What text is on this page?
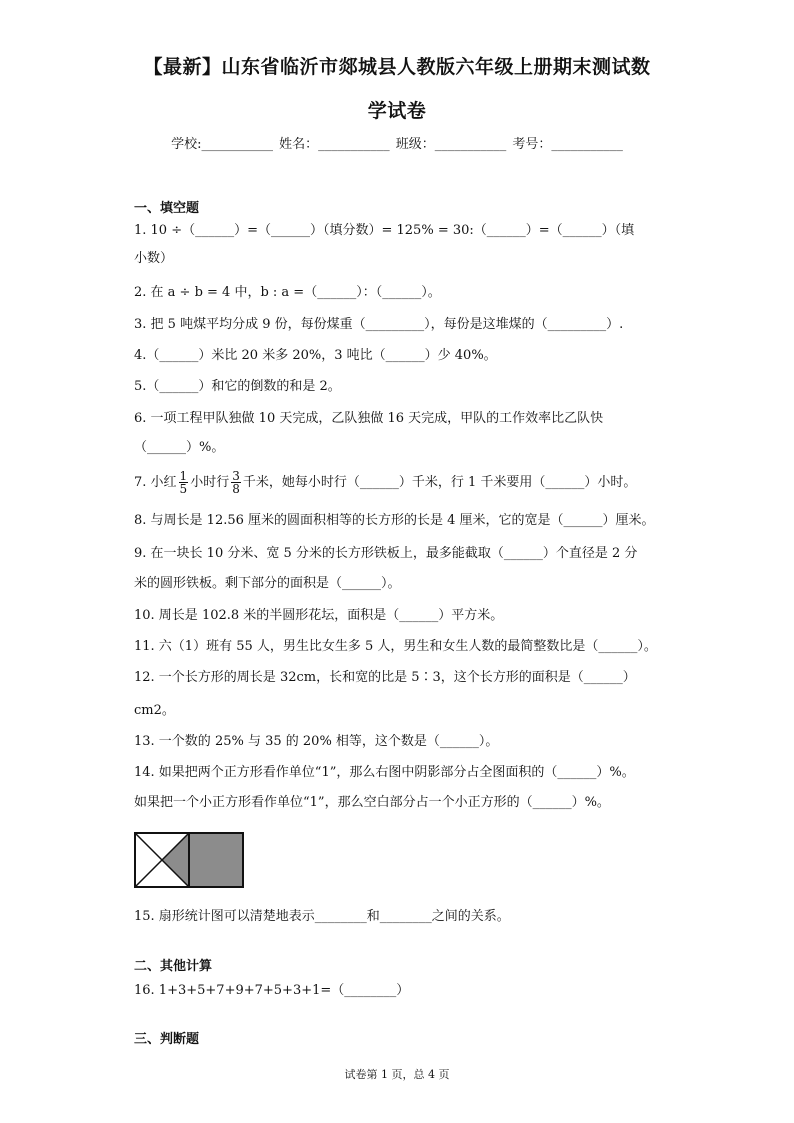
【最新】山东省临沂市郯城县人教版六年级上册期末测试数
学试卷
学校:___________ 姓名：___________ 班级：___________ 考号：___________
一、填空题
1. 10 ÷（______）=（______）（填分数）= 125% = 30:（______）=（______）（填
小数）
2. 在 a ÷ b = 4 中，b : a =（______）：（______）。
3. 把 5 吨煤平均分成 9 份，每份煤重（_________），每份是这堆煤的（_________）.
4.（______）米比 20 米多 20%，3 吨比（______）少 40%。
5.（______）和它的倒数的和是 2。
6. 一项工程甲队独做 10 天完成，乙队独做 16 天完成，甲队的工作效率比乙队快
（______）%。
7. 小红 $\frac{1}{5}$ 小时行 $\frac{3}{8}$ 千米，她每小时行（______）千米，行 1 千米要用（______）小时。
8. 与周长是 12.56 厘米的圆面积相等的长方形的长是 4 厘米，它的宽是（______）厘米。
9. 在一块长 10 分米、宽 5 分米的长方形铁板上，最多能截取（______）个直径是 2 分
米的圆形铁板。剩下部分的面积是（______）。
10. 周长是 102.8 米的半圆形花坛，面积是（______）平方米。
11. 六（1）班有 55 人，男生比女生多 5 人，男生和女生人数的最简整数比是（______）。
12. 一个长方形的周长是 32cm，长和宽的比是 5∶3，这个长方形的面积是（______）
cm2。
13. 一个数的 25% 与 35 的 20% 相等，这个数是（______）。
14. 如果把两个正方形看作单位“1”，那么右图中阴影部分占全图面积的（______）%。
如果把一个小正方形看作单位“1”，那么空白部分占一个小正方形的（______）%。
15. 扇形统计图可以清楚地表示________和________之间的关系。
二、其他计算
16. 1+3+5+7+9+7+5+3+1=（________）
三、判断题
试卷第 1 页，总 4 页
